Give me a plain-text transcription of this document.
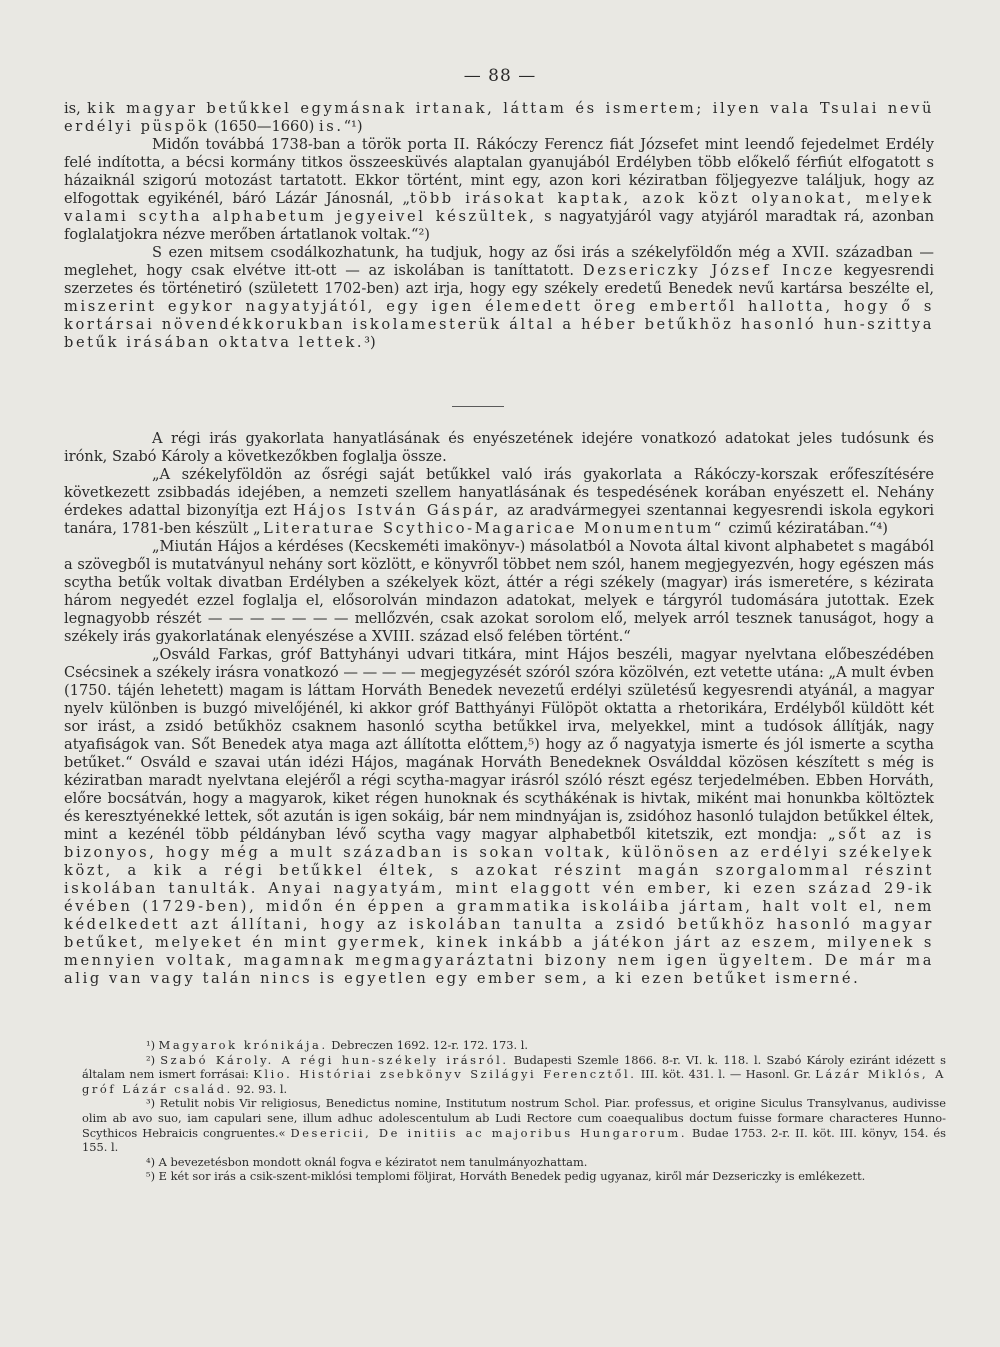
— 88 —

is, kik magyar betűkkel egymásnak irtanak, láttam és ismertem; ilyen vala Tsulai nevü erdélyi püspök (1650—1660) is.“¹)

Midőn továbbá 1738-ban a török porta II. Rákóczy Ferencz fiát Józsefet mint leendő fejedelmet Erdély felé indította, a bécsi kormány titkos összeesküvés alaptalan gyanujából Erdélyben több előkelő férfiút elfogatott s házaiknál szigorú motozást tartatott. Ekkor történt, mint egy, azon kori kéziratban följegyezve találjuk, hogy az elfogottak egyikénél, báró Lázár Jánosnál, „több irásokat kaptak, azok közt olyanokat, melyek valami scytha alphabetum jegyeivel készültek, s nagyatyjáról vagy atyjáról maradtak rá, azonban foglalatjokra nézve merőben ártatlanok voltak.“²)

S ezen mitsem csodálkozhatunk, ha tudjuk, hogy az ősi irás a székelyföldőn még a XVII. században — meglehet, hogy csak elvétve itt-ott — az iskolában is taníttatott. Dezsericzky József Incze kegyesrendi szerzetes és történetiró (született 1702-ben) azt irja, hogy egy székely eredetű Benedek nevű kartársa beszélte el, miszerint egykor nagyatyjától, egy igen élemedett öreg embertől hallotta, hogy ő s kortársai növendékkorukban iskolamesterük által a héber betűkhöz hasonló hun-szittya betűk irásában oktatva lettek.³)

A régi irás gyakorlata hanyatlásának és enyészetének idejére vonatkozó adatokat jeles tudósunk és irónk, Szabó Károly a következőkben foglalja össze.

„A székelyföldön az ősrégi saját betűkkel való irás gyakorlata a Rákóczy-korszak erőfeszítésére következett zsibbadás idejében, a nemzeti szellem hanyatlásának és tespedésének korában enyészett el. Nehány érdekes adattal bizonyítja ezt Hájos István Gáspár, az aradvármegyei szentannai kegyesrendi iskola egykori tanára, 1781-ben készült „Literaturae Scythico-Magaricae Monumentum“ czimű kéziratában.“⁴)

„Miután Hájos a kérdéses (Kecskeméti imakönyv-) másolatból a Novota által kivont alphabetet s magából a szövegből is mutatványul nehány sort közlött, e könyvről többet nem szól, hanem megjegyezvén, hogy egészen más scytha betűk voltak divatban Erdélyben a székelyek közt, áttér a régi székely (magyar) irás ismeretére, s kézirata három negyedét ezzel foglalja el, elősorolván mindazon adatokat, melyek e tárgyról tudomására jutottak. Ezek legnagyobb részét — — — — — — — mellőzvén, csak azokat sorolom elő, melyek arról tesznek tanuságot, hogy a székely irás gyakorlatának elenyészése a XVIII. század első felében történt.“

„Osváld Farkas, gróf Battyhányi udvari titkára, mint Hájos beszéli, magyar nyelvtana előbeszédében Csécsinek a székely irásra vonatkozó — — — — megjegyzését szóról szóra közölvén, ezt vetette utána: „A mult évben (1750. tájén lehetett) magam is láttam Horváth Benedek nevezetű erdélyi születésű kegyesrendi atyánál, a magyar nyelv különben is buzgó mivelőjénél, ki akkor gróf Batthyányi Fülöpöt oktatta a rhetorikára, Erdélyből küldött két sor irást, a zsidó betűkhöz csaknem hasonló scytha betűkkel irva, melyekkel, mint a tudósok állítják, nagy atyafiságok van. Sőt Benedek atya maga azt állította előttem,⁵) hogy az ő nagyatyja ismerte és jól ismerte a scytha betűket.“ Osváld e szavai után idézi Hájos, magának Horváth Benedeknek Osválddal közösen készített s még is kéziratban maradt nyelvtana elejéről a régi scytha-magyar irásról szóló részt egész terjedelmében. Ebben Horváth, előre bocsátván, hogy a magyarok, kiket régen hunoknak és scythákénak is hivtak, miként mai honunkba költöztek és keresztyénekké lettek, sőt azután is igen sokáig, bár nem mindnyájan is, zsidóhoz hasonló tulajdon betűkkel éltek, mint a kezénél több példányban lévő scytha vagy magyar alphabetből kitetszik, ezt mondja: „sőt az is bizonyos, hogy még a mult században is sokan voltak, különösen az erdélyi székelyek közt, a kik a régi betűkkel éltek, s azokat részint magán szorgalommal részint iskolában tanulták. Anyai nagyatyám, mint elaggott vén ember, ki ezen század 29-ik évében (1729-ben), midőn én éppen a grammatika iskoláiba jártam, halt volt el, nem kédelkedett azt állítani, hogy az iskolában tanulta a zsidó betűkhöz hasonló magyar betűket, melyeket én mint gyermek, kinek inkább a játékon járt az eszem, milyenek s mennyien voltak, magamnak megmagyaráztatni bizony nem igen ügyeltem. De már ma alig van vagy talán nincs is egyetlen egy ember sem, a ki ezen betűket ismerné.

¹) Magyarok krónikája. Debreczen 1692. 12-r. 172. 173. l.

²) Szabó Károly. A régi hun-székely irásról. Budapesti Szemle 1866. 8-r. VI. k. 118. l. Szabó Károly eziránt idézett s általam nem ismert forrásai: Klio. Históriai zsebkönyv Szilágyi Ferencztől. III. köt. 431. l. — Hasonl. Gr. Lázár Miklós, A gróf Lázár család. 92. 93. l.

³) Retulit nobis Vir religiosus, Benedictus nomine, Institutum nostrum Schol. Piar. professus, et origine Siculus Transylvanus, audivisse olim ab avo suo, iam capulari sene, illum adhuc adolescentulum ab Ludi Rectore cum coaequalibus doctum fuisse formare characteres Hunno-Scythicos Hebraicis congruentes.« Desericii, De initiis ac majoribus Hungarorum. Budae 1753. 2-r. II. köt. III. könyv, 154. és 155. l.

⁴) A bevezetésbon mondott oknál fogva e kéziratot nem tanulmányozhattam.

⁵) E két sor irás a csik-szent-miklósi templomi följirat, Horváth Benedek pedig ugyanaz, kiről már Dezsericzky is emlékezett.
